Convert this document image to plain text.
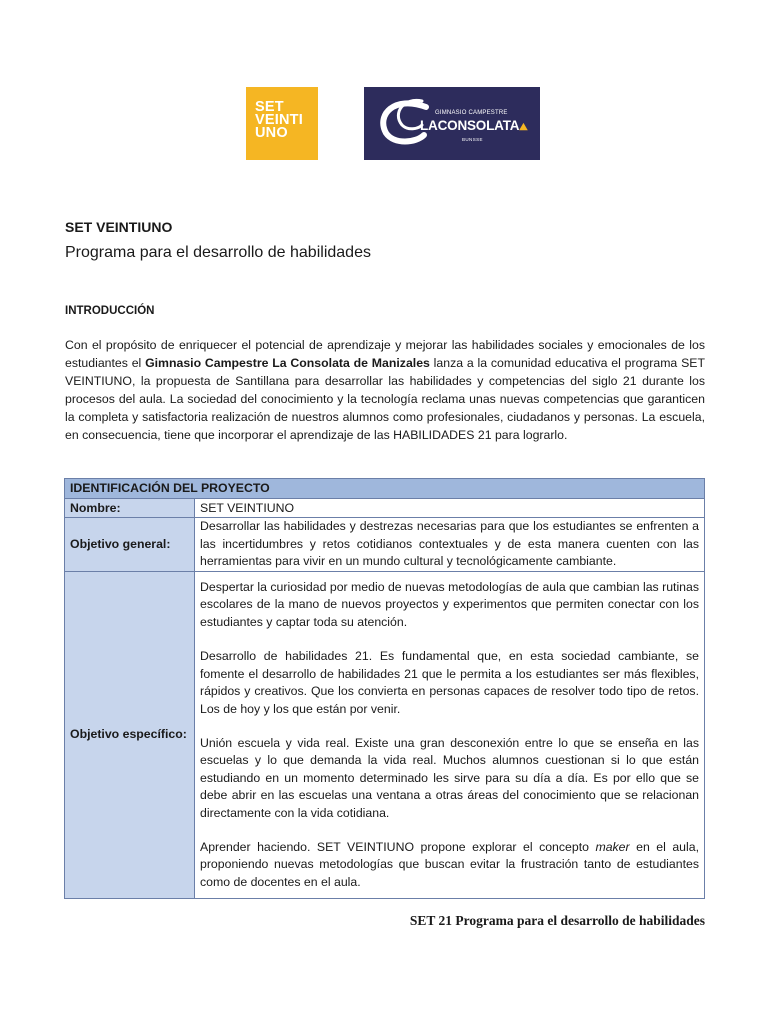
SET
VEINTI
UNO
GIMNASIO CAMPESTRE
LACONSOLATA⛰
BUNSSE
SET VEINTIUNO
Programa para el desarrollo de habilidades
INTRODUCCIÓN
Con el propósito de enriquecer el potencial de aprendizaje y mejorar las habilidades sociales y emocionales de los estudiantes el Gimnasio Campestre La Consolata de Manizales lanza a la comunidad educativa el programa SET VEINTIUNO, la propuesta de Santillana para desarrollar las habilidades y competencias del siglo 21 durante los procesos del aula. La sociedad del conocimiento y la tecnología reclama unas nuevas competencias que garanticen la completa y satisfactoria realización de nuestros alumnos como profesionales, ciudadanos y personas. La escuela, en consecuencia, tiene que incorporar el aprendizaje de las HABILIDADES 21 para lograrlo.
IDENTIFICACIÓN DEL PROYECTO	
Nombre:	SET VEINTIUNO
Objetivo general:	Desarrollar las habilidades y destrezas necesarias para que los estudiantes se enfrenten a las incertidumbres y retos cotidianos contextuales y de esta manera cuenten con las herramientas para vivir en un mundo cultural y tecnológicamente cambiante.
Objetivo específico:	Despertar la curiosidad por medio de nuevas metodologías de aula que cambian las rutinas escolares de la mano de nuevos proyectos y experimentos que permiten conectar con los estudiantes y captar toda su atención.

Desarrollo de habilidades 21. Es fundamental que, en esta sociedad cambiante, se fomente el desarrollo de habilidades 21 que le permita a los estudiantes ser más flexibles, rápidos y creativos. Que los convierta en personas capaces de resolver todo tipo de retos. Los de hoy y los que están por venir.

Unión escuela y vida real. Existe una gran desconexión entre lo que se enseña en las escuelas y lo que demanda la vida real. Muchos alumnos cuestionan si lo que están estudiando en un momento determinado les sirve para su día a día. Es por ello que se debe abrir en las escuelas una ventana a otras áreas del conocimiento que se relacionan directamente con la vida cotidiana.

Aprender haciendo. SET VEINTIUNO propone explorar el concepto maker en el aula, proponiendo nuevas metodologías que buscan evitar la frustración tanto de estudiantes como de docentes en el aula.

SET 21 Programa para el desarrollo de habilidades
